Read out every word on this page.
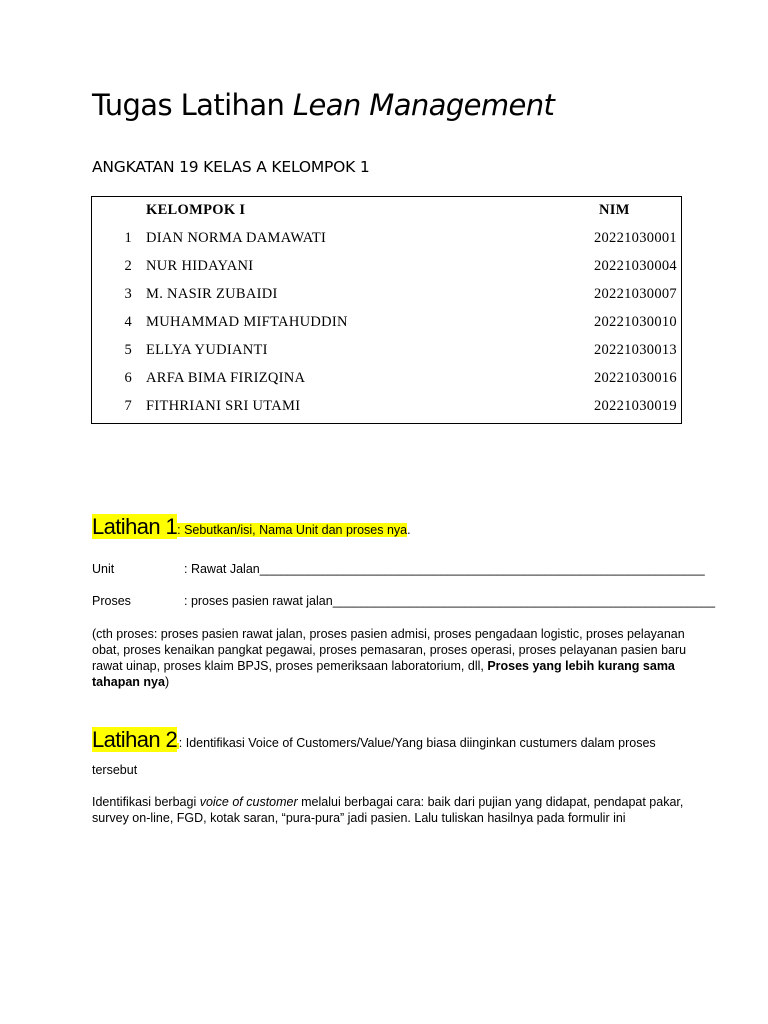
Tugas Latihan Lean Management
ANGKATAN 19 KELAS A KELOMPOK 1
KELOMPOK I	NIM
1 DIAN NORMA DAMAWATI	20221030001
2 NUR HIDAYANI	20221030004
3 M. NASIR ZUBAIDI	20221030007
4 MUHAMMAD MIFTAHUDDIN	20221030010
5 ELLYA YUDIANTI	20221030013
6 ARFA BIMA FIRIZQINA	20221030016
7 FITHRIANI SRI UTAMI	20221030019
Latihan 1: Sebutkan/isi, Nama Unit dan proses nya.
Unit	: Rawat Jalan________________________________________________________________
Proses	: proses pasien rawat jalan_______________________________________________________
(cth proses: proses pasien rawat jalan, proses pasien admisi, proses pengadaan logistic, proses pelayanan obat, proses kenaikan pangkat pegawai, proses pemasaran, proses operasi, proses pelayanan pasien baru rawat uinap, proses klaim BPJS, proses pemeriksaan laboratorium, dll, Proses yang lebih kurang sama tahapan nya)
Latihan 2 : Identifikasi Voice of Customers/Value/Yang biasa diinginkan custumers dalam proses
tersebut
Identifikasi berbagi voice of customer melalui berbagai cara: baik dari pujian yang didapat, pendapat pakar, survey on-line, FGD, kotak saran, “pura-pura” jadi pasien. Lalu tuliskan hasilnya pada formulir ini
